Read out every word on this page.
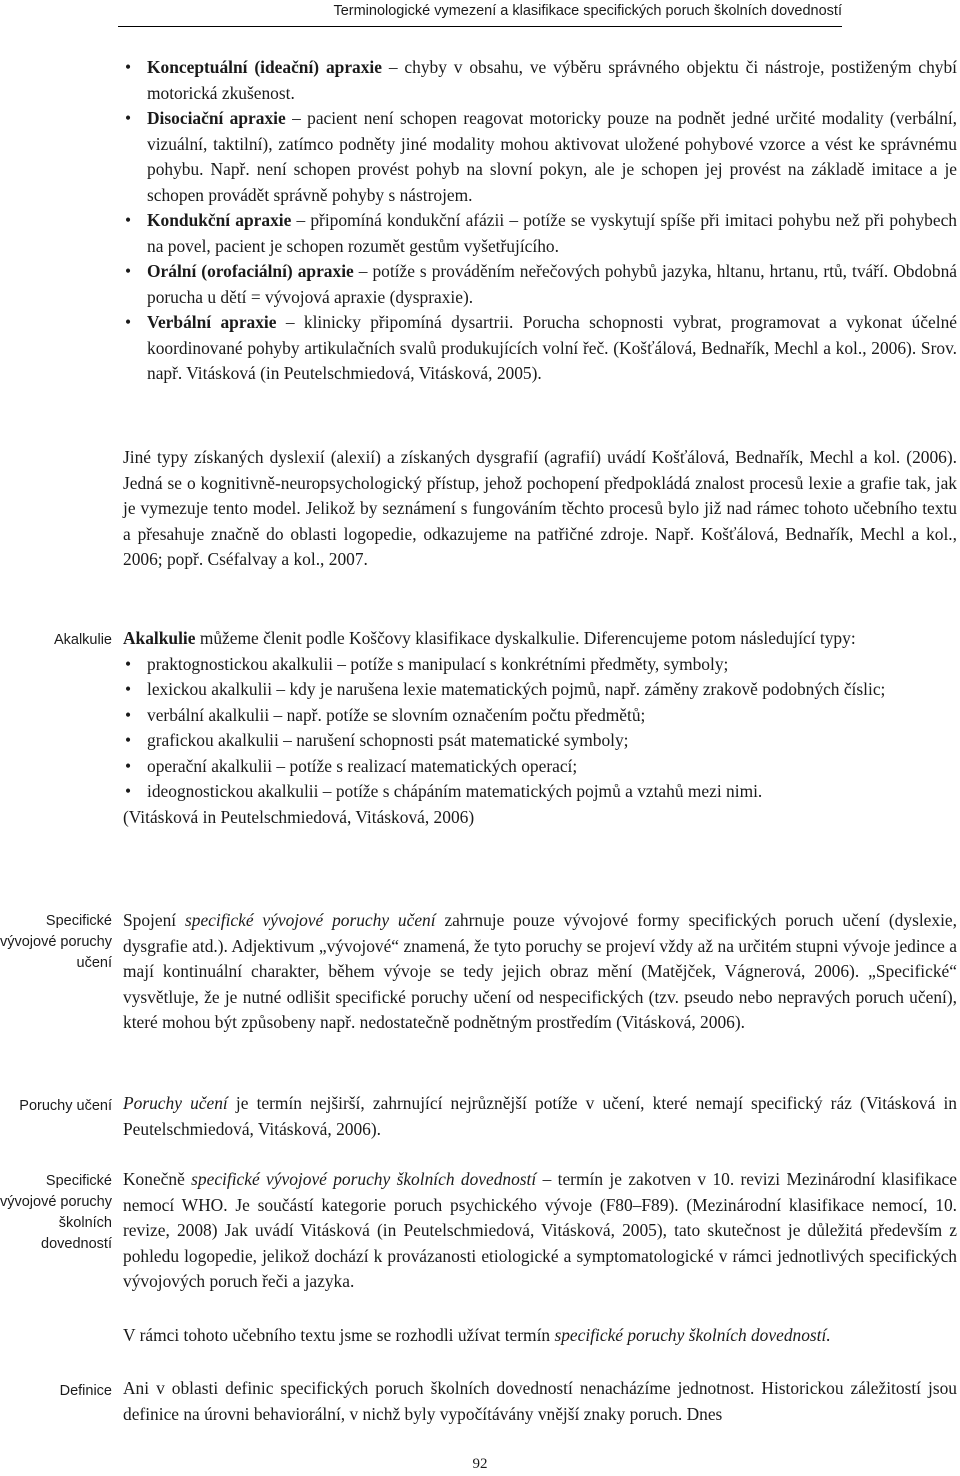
Terminologické vymezení a klasifikace specifických poruch školních dovedností
• Konceptuální (ideační) apraxie – chyby v obsahu, ve výběru správného objektu či nástroje, postiženým chybí motorická zkušenost.
• Disociační apraxie – pacient není schopen reagovat motoricky pouze na podnět jedné určité modality (verbální, vizuální, taktilní), zatímco podněty jiné modality mohou aktivovat uložené pohybové vzorce a vést ke správnému pohybu. Např. není schopen provést pohyb na slovní pokyn, ale je schopen jej provést na základě imitace a je schopen provádět správně pohyby s nástrojem.
• Kondukční apraxie – připomíná kondukční afázii – potíže se vyskytují spíše při imitaci pohybu než při pohybech na povel, pacient je schopen rozumět gestům vyšetřujícího.
• Orální (orofaciální) apraxie – potíže s prováděním neřečových pohybů jazyka, hltanu, hrtanu, rtů, tváří. Obdobná porucha u dětí = vývojová apraxie (dyspraxie).
• Verbální apraxie – klinicky připomíná dysartrii. Porucha schopnosti vybrat, programovat a vykonat účelné koordinované pohyby artikulačních svalů produkujících volní řeč. (Košťálová, Bednařík, Mechl a kol., 2006). Srov. např. Vitásková (in Peutelschmiedová, Vitásková, 2005).

Jiné typy získaných dyslexií (alexií) a získaných dysgrafií (agrafií) uvádí Košťálová, Bednařík, Mechl a kol. (2006). Jedná se o kognitivně-neuropsychologický přístup, jehož pochopení předpokládá znalost procesů lexie a grafie tak, jak je vymezuje tento model. Jelikož by seznámení s fungováním těchto procesů bylo již nad rámec tohoto učebního textu a přesahuje značně do oblasti logopedie, odkazujeme na patřičné zdroje. Např. Košťálová, Bednařík, Mechl a kol., 2006; popř. Cséfalvay a kol., 2007.

Akalkulie Akalkulie můžeme členit podle Koščovy klasifikace dyskalkulie. Diferencujeme potom následující typy:

• praktognostickou akalkulii – potíže s manipulací s konkrétními předměty, symboly;
• lexickou akalkulii – kdy je narušena lexie matematických pojmů, např. záměny zrakově podobných číslic;
• verbální akalkulii – např. potíže se slovním označením počtu předmětů;
• grafickou akalkulii – narušení schopnosti psát matematické symboly;
• operační akalkulii – potíže s realizací matematických operací;
• ideognostickou akalkulii – potíže s chápáním matematických pojmů a vztahů mezi nimi.

(Vitásková in Peutelschmiedová, Vitásková, 2006)

Specifické vývojové poruchy učení

Spojení specifické vývojové poruchy učení zahrnuje pouze vývojové formy specifických poruch učení (dyslexie, dysgrafie atd.). Adjektivum „vývojové“ znamená, že tyto poruchy se projeví vždy až na určitém stupni vývoje jedince a mají kontinuální charakter, během vývoje se tedy jejich obraz mění (Matějček, Vágnerová, 2006). „Specifické“ vysvětluje, že je nutné odlišit specifické poruchy učení od nespecifických (tzv. pseudo nebo nepravých poruch učení), které mohou být způsobeny např. nedostatečně podnětným prostředím (Vitásková, 2006).

Poruchy učení Poruchy učení je termín nejširší, zahrnující nejrůznější potíže v učení, které nemají specifický ráz (Vitásková in Peutelschmiedová, Vitásková, 2006).

Specifické vývojové poruchy školních dovedností

Konečně specifické vývojové poruchy školních dovedností – termín je zakotven v 10. revizi Mezinárodní klasifikace nemocí WHO. Je součástí kategorie poruch psychického vývoje (F80–F89). (Mezinárodní klasifikace nemocí, 10. revize, 2008) Jak uvádí Vitásková (in Peutelschmiedová, Vitásková, 2005), tato skutečnost je důležitá především z pohledu logopedie, jelikož dochází k provázanosti etiologické a symptomatologické v rámci jednotlivých specifických vývojových poruch řeči a jazyka.

V rámci tohoto učebního textu jsme se rozhodli užívat termín specifické poruchy školních dovedností.

Definice Ani v oblasti definic specifických poruch školních dovedností nenacházíme jednotnost. Historickou záležitostí jsou definice na úrovni behaviorální, v nichž byly vypočítávány vnější znaky poruch. Dnes

92
